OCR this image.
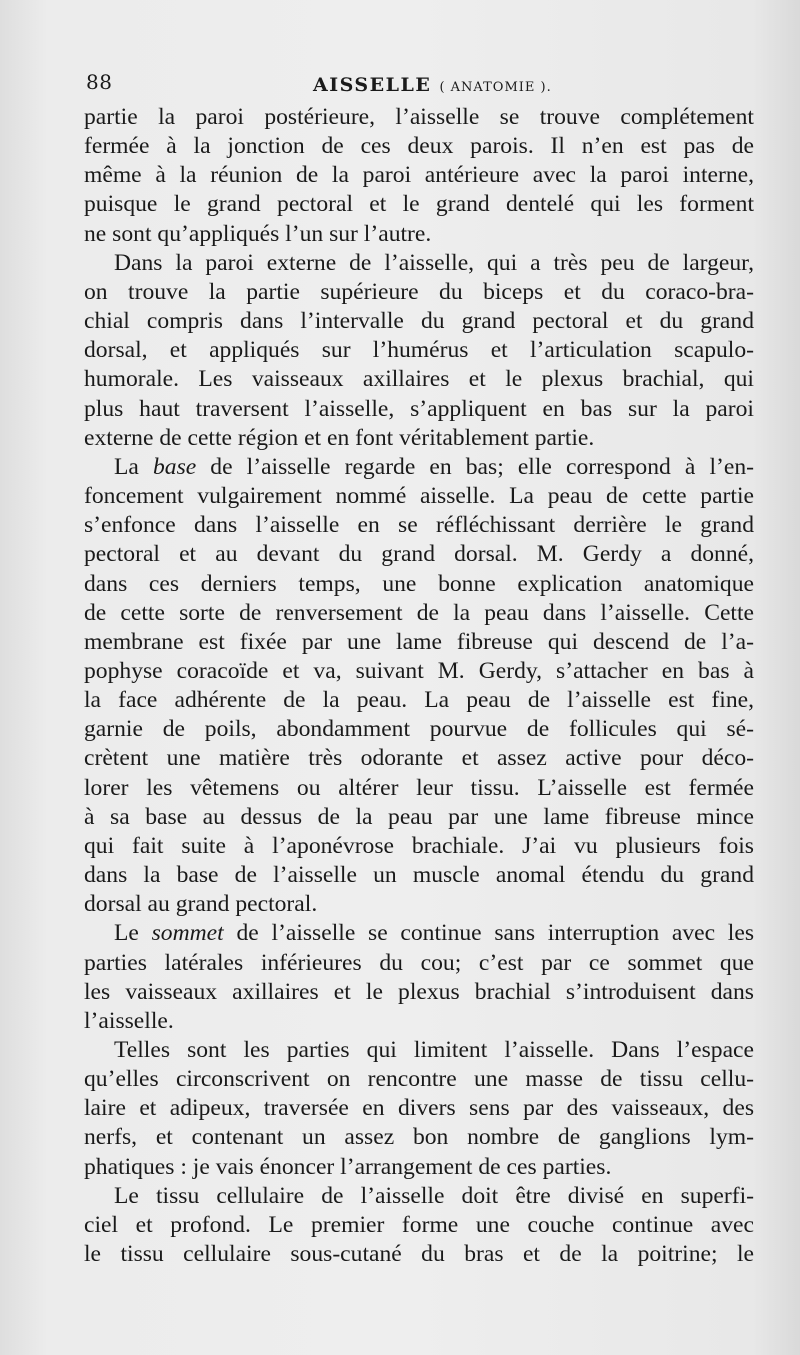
88	AISSELLE ( ANATOMIE ).
partie la paroi postérieure, l’aisselle se trouve complétement
fermée à la jonction de ces deux parois. Il n’en est pas de
même à la réunion de la paroi antérieure avec la paroi interne,
puisque le grand pectoral et le grand dentelé qui les forment
ne sont qu’appliqués l’un sur l’autre.
Dans la paroi externe de l’aisselle, qui a très peu de largeur,
on trouve la partie supérieure du biceps et du coraco-bra-
chial compris dans l’intervalle du grand pectoral et du grand
dorsal, et appliqués sur l’humérus et l’articulation scapulo-
humorale. Les vaisseaux axillaires et le plexus brachial, qui
plus haut traversent l’aisselle, s’appliquent en bas sur la paroi
externe de cette région et en font véritablement partie.
La base de l’aisselle regarde en bas; elle correspond à l’en-
foncement vulgairement nommé aisselle. La peau de cette partie
s’enfonce dans l’aisselle en se réfléchissant derrière le grand
pectoral et au devant du grand dorsal. M. Gerdy a donné,
dans ces derniers temps, une bonne explication anatomique
de cette sorte de renversement de la peau dans l’aisselle. Cette
membrane est fixée par une lame fibreuse qui descend de l’a-
pophyse coracoïde et va, suivant M. Gerdy, s’attacher en bas à
la face adhérente de la peau. La peau de l’aisselle est fine,
garnie de poils, abondamment pourvue de follicules qui sé-
crètent une matière très odorante et assez active pour déco-
lorer les vêtemens ou altérer leur tissu. L’aisselle est fermée
à sa base au dessus de la peau par une lame fibreuse mince
qui fait suite à l’aponévrose brachiale. J’ai vu plusieurs fois
dans la base de l’aisselle un muscle anomal étendu du grand
dorsal au grand pectoral.
Le sommet de l’aisselle se continue sans interruption avec les
parties latérales inférieures du cou; c’est par ce sommet que
les vaisseaux axillaires et le plexus brachial s’introduisent dans
l’aisselle.
Telles sont les parties qui limitent l’aisselle. Dans l’espace
qu’elles circonscrivent on rencontre une masse de tissu cellu-
laire et adipeux, traversée en divers sens par des vaisseaux, des
nerfs, et contenant un assez bon nombre de ganglions lym-
phatiques : je vais énoncer l’arrangement de ces parties.
Le tissu cellulaire de l’aisselle doit être divisé en superfi-
ciel et profond. Le premier forme une couche continue avec
le tissu cellulaire sous-cutané du bras et de la poitrine; le
